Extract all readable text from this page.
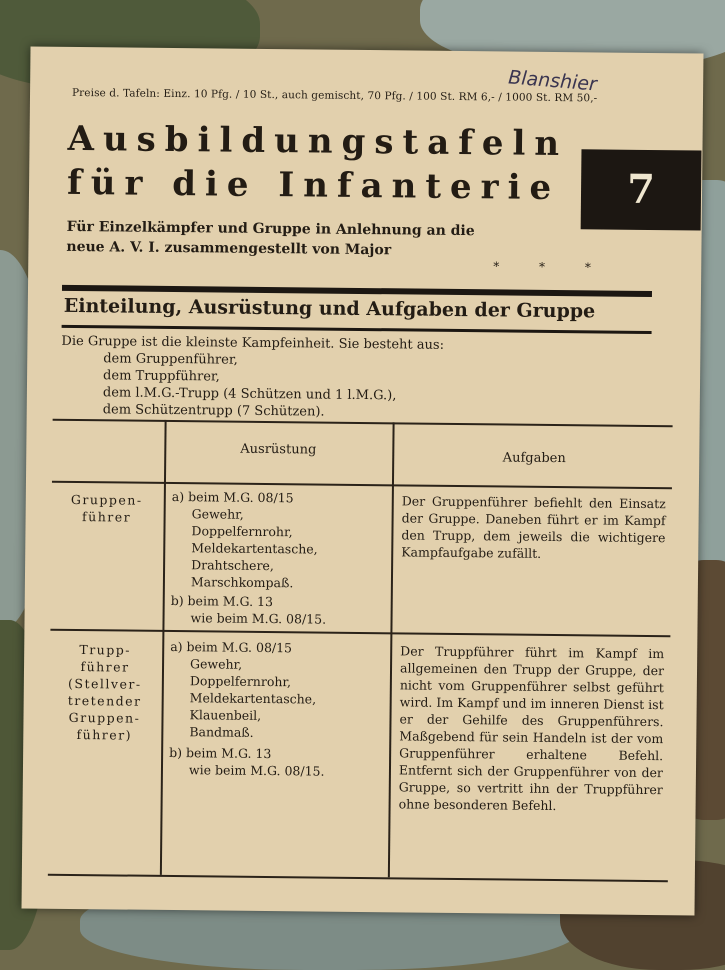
Preise d. Tafeln: Einz. 10 Pfg. / 10 St., auch gemischt, 70 Pfg. / 100 St. RM 6,- / 1000 St. RM 50,-
Blanshier
Ausbildungstafeln
für die Infanterie	7
Für Einzelkämpfer und Gruppe in Anlehnung an die
neue A. V. I. zusammengestellt von Major
* * *
Einteilung, Ausrüstung und Aufgaben der Gruppe
Die Gruppe ist die kleinste Kampfeinheit. Sie besteht aus:
dem Gruppenführer,
dem Truppführer,
dem l.M.G.-Trupp (4 Schützen und 1 l.M.G.),
dem Schützentrupp (7 Schützen).
Ausrüstung
Aufgaben
Gruppen-
führer
a) beim M.G. 08/15
Gewehr,
Doppelfernrohr,
Meldekartentasche,
Drahtschere,
Marschkompaß.
b) beim M.G. 13
wie beim M.G. 08/15.
Der Gruppenführer befiehlt den Einsatz der Gruppe. Daneben führt er im Kampf den Trupp, dem jeweils die wichtigere Kampfaufgabe zufällt.
Trupp-
führer
(Stellver-
tretender
Gruppen-
führer)
a) beim M.G. 08/15
Gewehr,
Doppelfernrohr,
Meldekartentasche,
Klauenbeil,
Bandmaß.
b) beim M.G. 13
wie beim M.G. 08/15.
Der Truppführer führt im Kampf im allgemeinen den Trupp der Gruppe, der nicht vom Gruppenführer selbst geführt wird. Im Kampf und im inneren Dienst ist er der Gehilfe des Gruppenführers. Maßgebend für sein Handeln ist der vom Gruppenführer erhaltene Befehl. Entfernt sich der Gruppenführer von der Gruppe, so vertritt ihn der Truppführer ohne besonderen Befehl.
